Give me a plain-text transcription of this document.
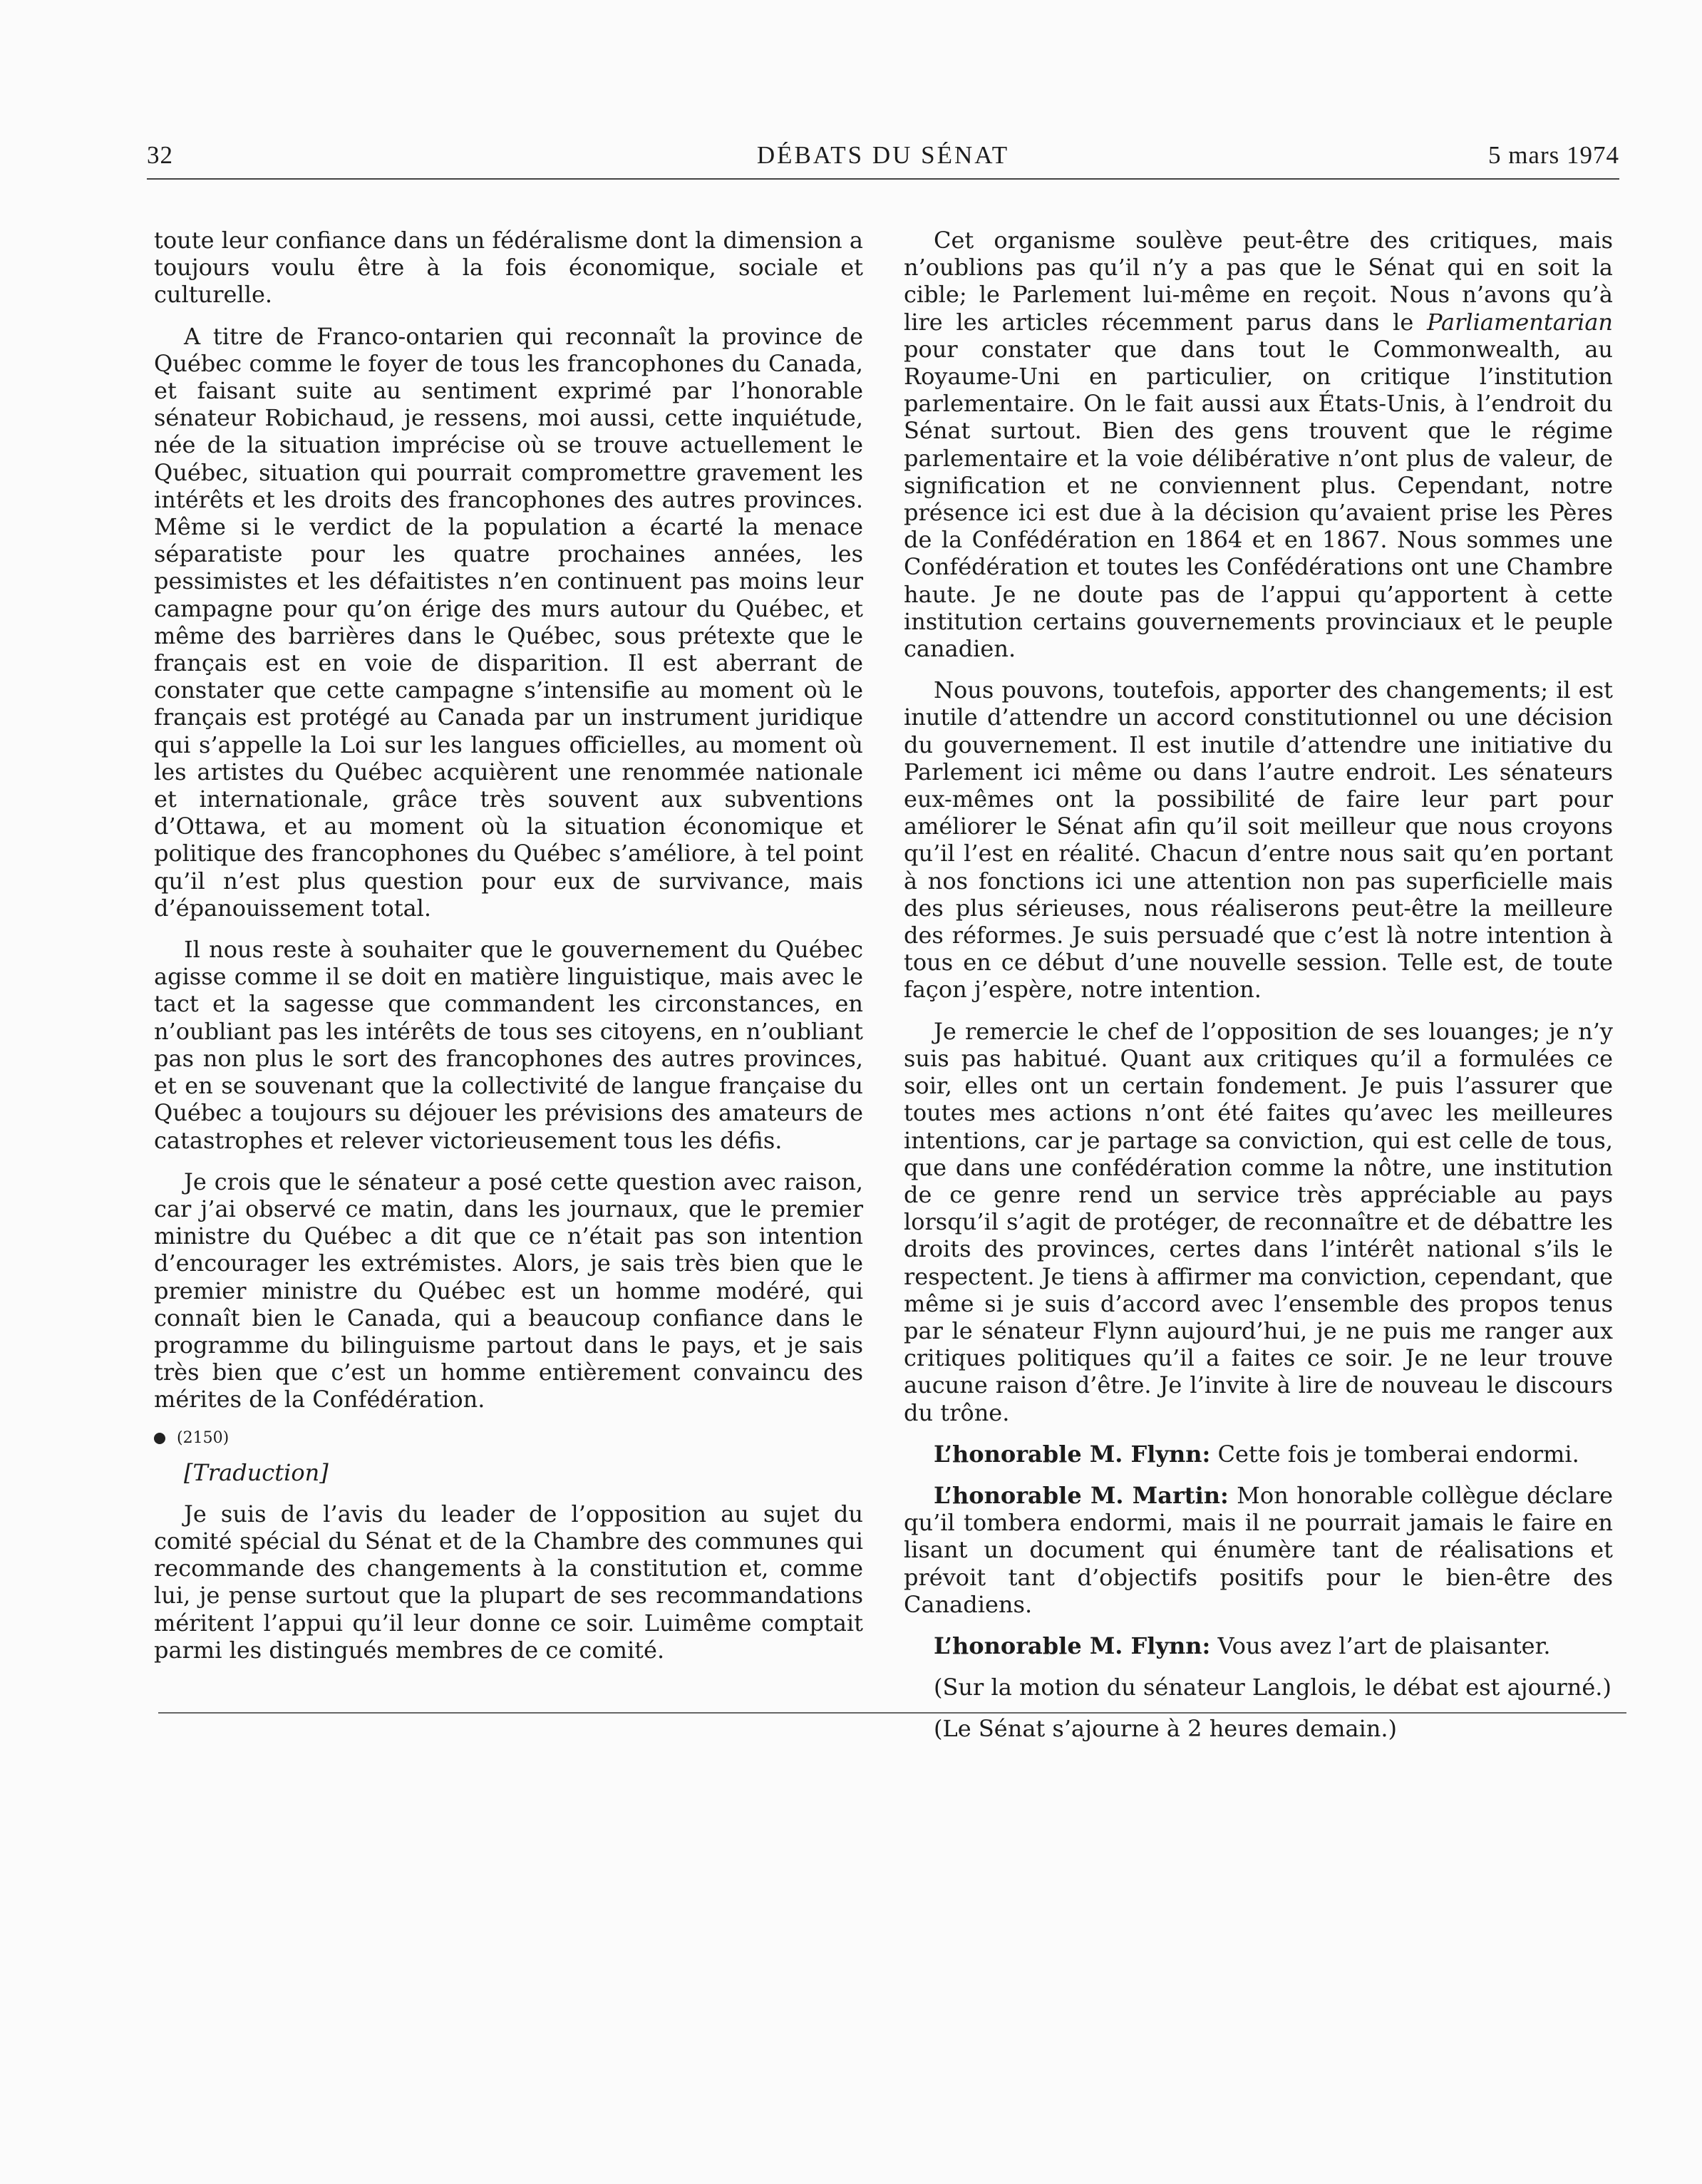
32	DÉBATS DU SÉNAT	5 mars 1974

toute leur confiance dans un fédéralisme dont la dimension a toujours voulu être à la fois économique, sociale et culturelle.

A titre de Franco-ontarien qui reconnaît la province de Québec comme le foyer de tous les francophones du Canada, et faisant suite au sentiment exprimé par l’honorable sénateur Robichaud, je ressens, moi aussi, cette inquiétude, née de la situation imprécise où se trouve actuellement le Québec, situation qui pourrait compromettre gravement les intérêts et les droits des francophones des autres provinces. Même si le verdict de la population a écarté la menace séparatiste pour les quatre prochaines années, les pessimistes et les défaitistes n’en continuent pas moins leur campagne pour qu’on érige des murs autour du Québec, et même des barrières dans le Québec, sous prétexte que le français est en voie de disparition. Il est aberrant de constater que cette campagne s’intensifie au moment où le français est protégé au Canada par un instrument juridique qui s’appelle la Loi sur les langues officielles, au moment où les artistes du Québec acquièrent une renommée nationale et internationale, grâce très souvent aux subventions d’Ottawa, et au moment où la situation économique et politique des francophones du Québec s’améliore, à tel point qu’il n’est plus question pour eux de survivance, mais d’épanouissement total.

Il nous reste à souhaiter que le gouvernement du Québec agisse comme il se doit en matière linguistique, mais avec le tact et la sagesse que commandent les circonstances, en n’oubliant pas les intérêts de tous ses citoyens, en n’oubliant pas non plus le sort des francophones des autres provinces, et en se souvenant que la collectivité de langue française du Québec a toujours su déjouer les prévisions des amateurs de catastrophes et relever victorieusement tous les défis.

Je crois que le sénateur a posé cette question avec raison, car j’ai observé ce matin, dans les journaux, que le premier ministre du Québec a dit que ce n’était pas son intention d’encourager les extrémistes. Alors, je sais très bien que le premier ministre du Québec est un homme modéré, qui connaît bien le Canada, qui a beaucoup confiance dans le programme du bilinguisme partout dans le pays, et je sais très bien que c’est un homme entièrement convaincu des mérites de la Confédération.

(2150)

[Traduction]

Je suis de l’avis du leader de l’opposition au sujet du comité spécial du Sénat et de la Chambre des communes qui recommande des changements à la constitution et, comme lui, je pense surtout que la plupart de ses recommandations méritent l’appui qu’il leur donne ce soir. Luimême comptait parmi les distingués membres de ce comité.

Cet organisme soulève peut-être des critiques, mais n’oublions pas qu’il n’y a pas que le Sénat qui en soit la cible; le Parlement lui-même en reçoit. Nous n’avons qu’à lire les articles récemment parus dans le Parliamentarian pour constater que dans tout le Commonwealth, au Royaume-Uni en particulier, on critique l’institution parlementaire. On le fait aussi aux États-Unis, à l’endroit du Sénat surtout. Bien des gens trouvent que le régime parlementaire et la voie délibérative n’ont plus de valeur, de signification et ne conviennent plus. Cependant, notre présence ici est due à la décision qu’avaient prise les Pères de la Confédération en 1864 et en 1867. Nous sommes une Confédération et toutes les Confédérations ont une Chambre haute. Je ne doute pas de l’appui qu’apportent à cette institution certains gouvernements provinciaux et le peuple canadien.

Nous pouvons, toutefois, apporter des changements; il est inutile d’attendre un accord constitutionnel ou une décision du gouvernement. Il est inutile d’attendre une initiative du Parlement ici même ou dans l’autre endroit. Les sénateurs eux-mêmes ont la possibilité de faire leur part pour améliorer le Sénat afin qu’il soit meilleur que nous croyons qu’il l’est en réalité. Chacun d’entre nous sait qu’en portant à nos fonctions ici une attention non pas superficielle mais des plus sérieuses, nous réaliserons peut-être la meilleure des réformes. Je suis persuadé que c’est là notre intention à tous en ce début d’une nouvelle session. Telle est, de toute façon j’espère, notre intention.

Je remercie le chef de l’opposition de ses louanges; je n’y suis pas habitué. Quant aux critiques qu’il a formulées ce soir, elles ont un certain fondement. Je puis l’assurer que toutes mes actions n’ont été faites qu’avec les meilleures intentions, car je partage sa conviction, qui est celle de tous, que dans une confédération comme la nôtre, une institution de ce genre rend un service très appréciable au pays lorsqu’il s’agit de protéger, de reconnaître et de débattre les droits des provinces, certes dans l’intérêt national s’ils le respectent. Je tiens à affirmer ma conviction, cependant, que même si je suis d’accord avec l’ensemble des propos tenus par le sénateur Flynn aujourd’hui, je ne puis me ranger aux critiques politiques qu’il a faites ce soir. Je ne leur trouve aucune raison d’être. Je l’invite à lire de nouveau le discours du trône.

L’honorable M. Flynn: Cette fois je tomberai endormi.

L’honorable M. Martin: Mon honorable collègue déclare qu’il tombera endormi, mais il ne pourrait jamais le faire en lisant un document qui énumère tant de réalisations et prévoit tant d’objectifs positifs pour le bien-être des Canadiens.

L’honorable M. Flynn: Vous avez l’art de plaisanter.

(Sur la motion du sénateur Langlois, le débat est ajourné.)

(Le Sénat s’ajourne à 2 heures demain.)
